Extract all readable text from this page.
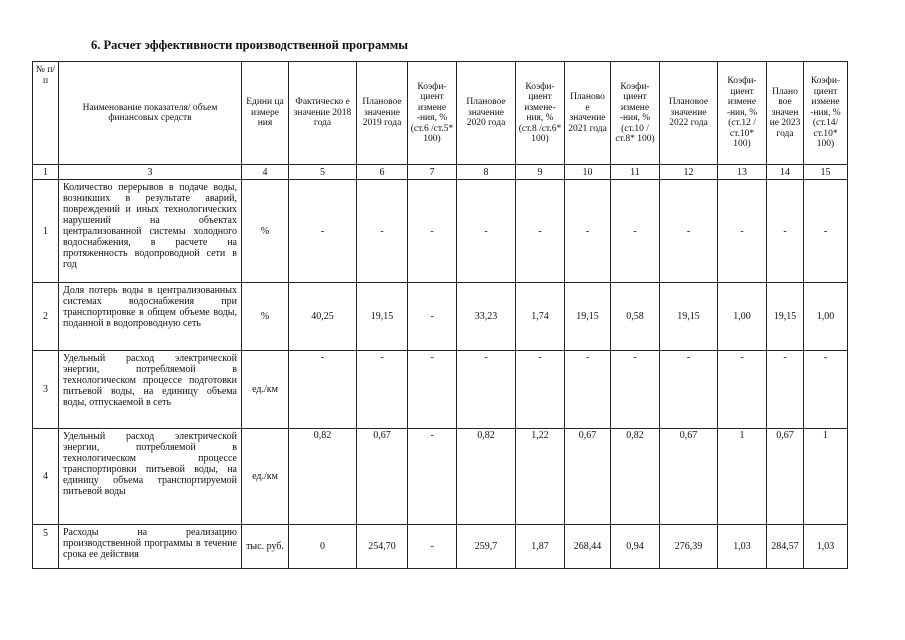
6. Расчет эффективности производственной программы
№ п/п	Наименование показателя/ объем финансовых средств	Едини ца измере ния	Фактическо е значение 2018 года	Плановое значение 2019 года	Коэфи- циент измене -ния, %(ст.6 /ст.5* 100)	Плановое значение 2020 года	Коэфи- циент измене- ния, % (ст.8 /ст.6* 100)	Планово е значение 2021 года	Коэфи- циент измене -ния, % (ст.10 /ст.8* 100)	Плановое значение 2022 года	Коэфи- циент измене -ния, % (ст.12 /ст.10* 100)	Плано вое значен ие 2023 года	Коэфи- циент измене -ния, % (ст.14/ ст.10* 100)
1	3	4	5	6	7	8	9	10	11	12	13	14	15
1	Количество перерывов в подаче воды, возникших в результате аварий, повреждений и иных технологических нарушений на объектах централизованной системы холодного водоснабжения, в расчете на протяженность водопроводной сети в год	%	-	-	-	-	-	-	-	-	-	-	-
2	Доля потерь воды в централизованных системах водоснабжения при транспортировке в общем объеме воды, поданной в водопроводную сеть	%	40,25	19,15	-	33,23	1,74	19,15	0,58	19,15	1,00	19,15	1,00
3	Удельный расход электрической энергии, потребляемой в технологическом процессе подготовки питьевой воды, на единицу объема воды, отпускаемой в сеть	ед./км	-	-	-	-	-	-	-	-	-	-	-
4	Удельный расход электрической энергии, потребляемой в технологическом процессе транспортировки питьевой воды, на единицу объема транспортируемой питьевой воды	ед./км	0,82	0,67	-	0,82	1,22	0,67	0,82	0,67	1	0,67	1
5	Расходы на реализацию производственной программы в течение срока ее действия	тыс. руб.	0	254,70	-	259,7	1,87	268,44	0,94	276,39	1,03	284,57	1,03
